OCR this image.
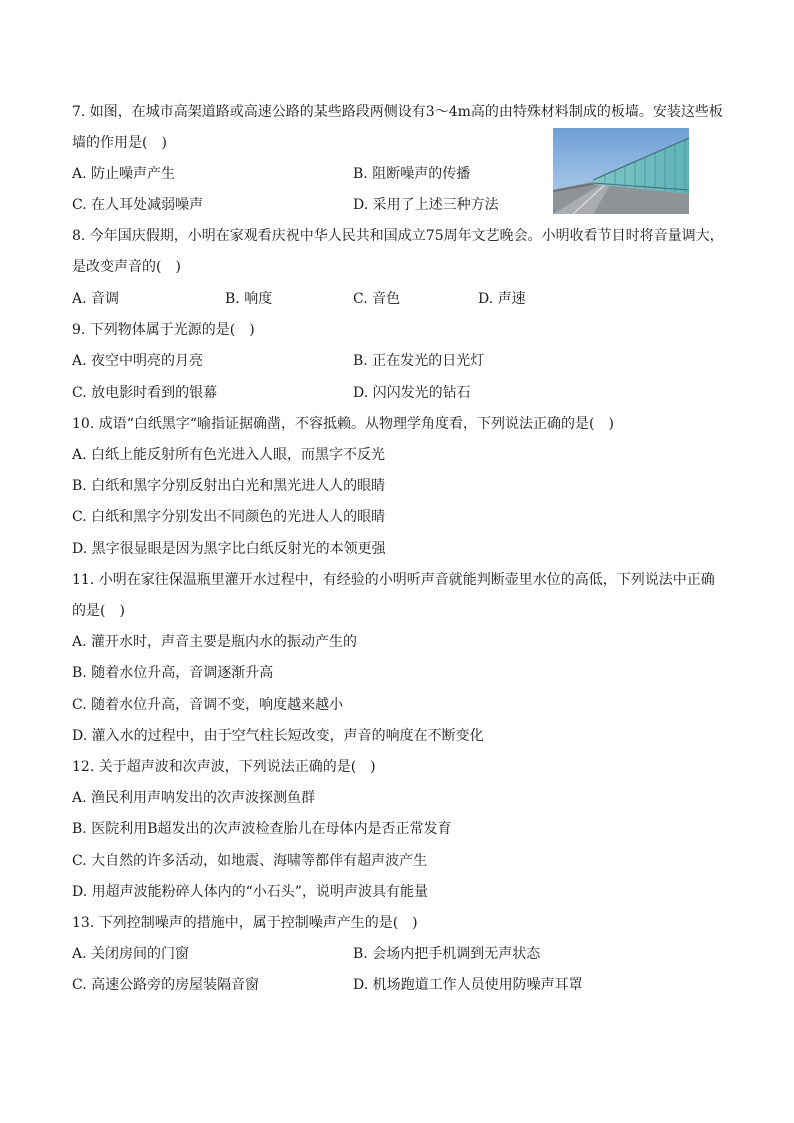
7. 如图，在城市高架道路或高速公路的某些路段两侧设有3～4m高的由特殊材料制成的板墙。安装这些板
墙的作用是(　)
A. 防止噪声产生	B. 阻断噪声的传播
C. 在人耳处减弱噪声	D. 采用了上述三种方法
8. 今年国庆假期，小明在家观看庆祝中华人民共和国成立75周年文艺晚会。小明收看节目时将音量调大，
是改变声音的(　)
A. 音调	B. 响度	C. 音色	D. 声速
9. 下列物体属于光源的是(　)
A. 夜空中明亮的月亮	B. 正在发光的日光灯
C. 放电影时看到的银幕	D. 闪闪发光的钻石
10. 成语“白纸黑字“喻指证据确凿，不容抵赖。从物理学角度看，下列说法正确的是(　)
A. 白纸上能反射所有色光进入人眼，而黑字不反光
B. 白纸和黑字分别反射出白光和黑光进人人的眼睛
C. 白纸和黑字分别发出不同颜色的光进人人的眼睛
D. 黑字很显眼是因为黑字比白纸反射光的本领更强
11. 小明在家往保温瓶里灌开水过程中，有经验的小明听声音就能判断壶里水位的高低，下列说法中正确
的是(　)
A. 灌开水时，声音主要是瓶内水的振动产生的
B. 随着水位升高，音调逐渐升高
C. 随着水位升高，音调不变，响度越来越小
D. 灌入水的过程中，由于空气柱长短改变，声音的响度在不断变化
12. 关于超声波和次声波，下列说法正确的是(　)
A. 渔民利用声呐发出的次声波探测鱼群
B. 医院利用B超发出的次声波检查胎儿在母体内是否正常发育
C. 大自然的许多活动，如地震、海啸等都伴有超声波产生
D. 用超声波能粉碎人体内的“小石头”，说明声波具有能量
13. 下列控制噪声的措施中，属于控制噪声产生的是(　)
A. 关闭房间的门窗	B. 会场内把手机调到无声状态
C. 高速公路旁的房屋装隔音窗	D. 机场跑道工作人员使用防噪声耳罩
